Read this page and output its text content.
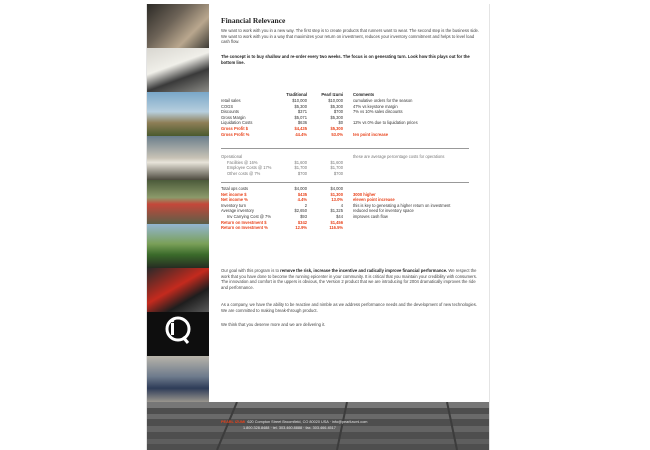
Financial Relevance
We want to work with you in a new way. The first step is to create products that runners want to wear. The second step is the business side. We want to work with you in a way that maximizes your return on investment, reduces your inventory commitment and helps to level load cash flow.
The concept is to buy shallow and re-order every two weeks. The focus is on generating turn. Look how this plays out for the bottom line.
Traditional	Pearl Izumi Comments
retail sales	$10,000	$10,000 cumulative orders for the season
COGS	$5,300	$5,300 47% vs keystone margin
Discounts	$371	$700 7% vs 10% sales discounts
Gross Margin	$5,071	$5,300
Liquidation Costs	$636	$0 12% vs 0% due to liquidation prices
Gross Profit $	$4,435	$5,300
Gross Profit %	44.4%	53.0% ten point increase
Operational	these are average percentage costs for operations
Facilities @ 16%	$1,600	$1,600
Employee Costs @ 17%	$1,700	$1,700
Other costs @ 7%	$700	$700
Total ops costs	$4,000	$4,000
Net income $	$435	$1,300 3000 higher
Net income %	4.4%	13.0% eleven point increase
Inventory turn	2	4 this is key to generating a higher return on investment
Average inventory	$2,650	$1,325 reduced need for inventory space
Inv Carrying Cost @ 7%	$93	$44 improves cash flow
Return on Investment $	$342	$1,456
Return on Investment %	12.9%	116.5%
Our goal with this program is to remove the risk, increase the incentive and radically improve financial performance. We respect the work that you have done to become the running epicenter in your community. It is critical that you maintain your credibility with consumers. The innovation and comfort in the uppers is obvious, the Version 2 product that we are introducing for 2004 dramatically improves the ride and performance.
As a company, we have the ability to be reactive and nimble as we address performance needs and the development of new technologies. We are committed to making break-through product.
We think that you deserve more and we are delivering it.
PEARL iZUMi 620 Compton Street Broomfield, CO 80020 USA · info@pearlizumi.com
1.800.328.8488 · tel. 303.460.8888 · fax. 303.466.4517
